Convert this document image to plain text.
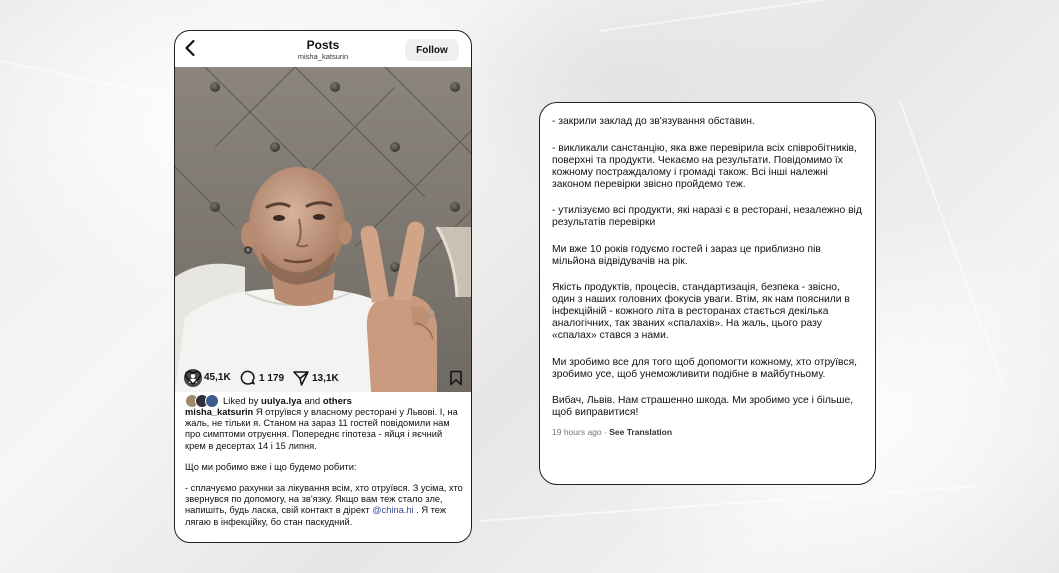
Posts
misha_katsurin
Follow
45,1K	1 179	13,1K
Liked by uulya.lya and others

misha_katsurin Я отруївся у власному ресторані у Львові. І, на жаль, не тільки я. Станом на зараз 11 гостей повідомили нам про симптоми отруєння. Попереднє гіпотеза - яйця і яєчний крем в десертах 14 і 15 липня.

Що ми робимо вже і що будемо робити:

- сплачуємо рахунки за лікування всім, хто отруївся. З усіма, хто звернувся по допомогу, на зв'язку. Якщо вам теж стало зле, напишіть, будь ласка, свій контакт в дірект @china.hi . Я теж лягаю в інфекційку, бо стан паскудний.

- закрили заклад до зв'язування обставин.

- викликали санстанцію, яка вже перевірила всіх співробітників, поверхні та продукти. Чекаємо на результати. Повідомимо їх кожному постраждалому і громаді також. Всі інші належні законом перевірки звісно пройдемо теж.

- утилізуємо всі продукти, які наразі є в ресторані, незалежно від результатів перевірки

Ми вже 10 років годуємо гостей і зараз це приблизно пів мільйона відвідувачів на рік.

Якість продуктів, процесів, стандартизація, безпека - звісно, один з наших головних фокусів уваги. Втім, як нам пояснили в інфекційній - кожного літа в ресторанах стається декілька аналогічних, так званих «спалахів». На жаль, цього разу «спалах» стався з нами.

Ми зробимо все для того щоб допомогти кожному, хто отруївся, зробимо усе, щоб унеможливити подібне в майбутньому.

Вибач, Львів. Нам страшенно шкода. Ми зробимо усе і більше, щоб виправитися!

19 hours ago · See Translation
